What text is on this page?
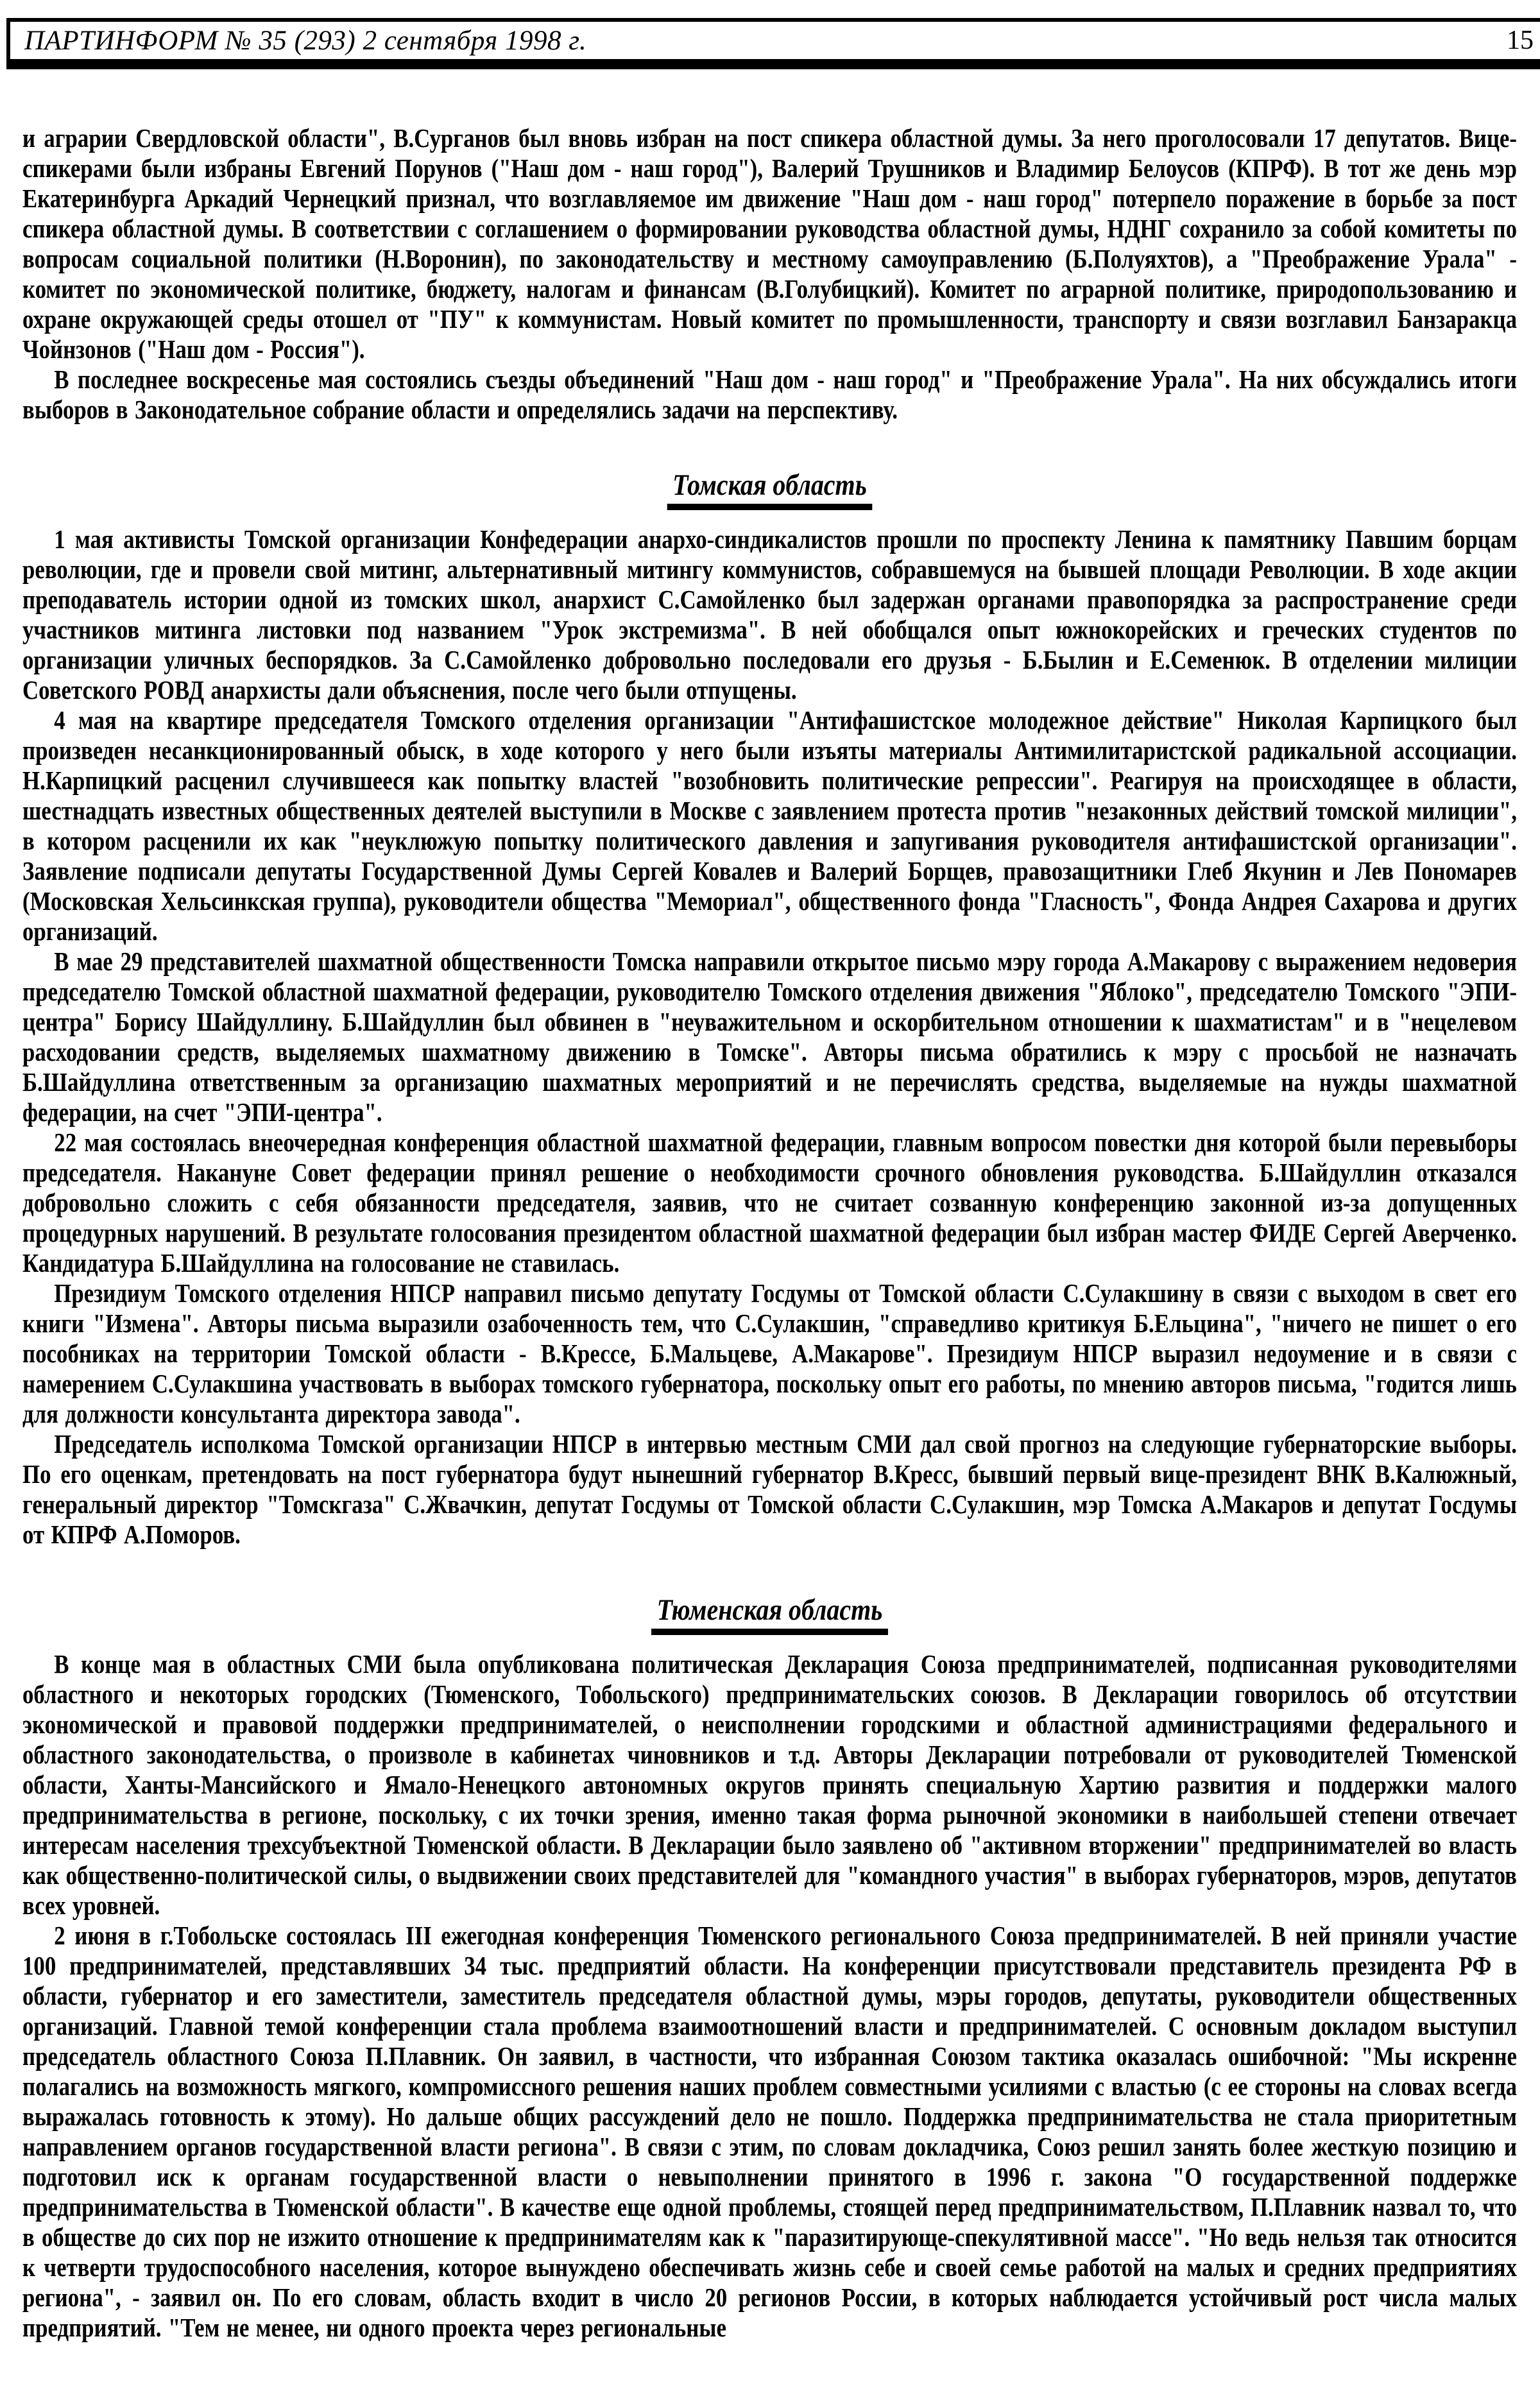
ПАРТИНФОРМ № 35 (293) 2 сентября 1998 г.	15

и аграрии Свердловской области", В.Сурганов был вновь избран на пост спикера областной думы. За него проголосовали 17 депутатов. Вице-спикерами были избраны Евгений Порунов ("Наш дом - наш город"), Валерий Трушников и Владимир Белоусов (КПРФ). В тот же день мэр Екатеринбурга Аркадий Чернецкий признал, что возглавляемое им движение "Наш дом - наш город" потерпело поражение в борьбе за пост спикера областной думы. В соответствии с соглашением о формировании руководства областной думы, НДНГ сохранило за собой комитеты по вопросам социальной политики (Н.Воронин), по законодательству и местному самоуправлению (Б.Полуяхтов), а "Преображение Урала" - комитет по экономической политике, бюджету, налогам и финансам (В.Голубицкий). Комитет по аграрной политике, природопользованию и охране окружающей среды отошел от "ПУ" к коммунистам. Новый комитет по промышленности, транспорту и связи возглавил Банзаракца Чойнзонов ("Наш дом - Россия").

В последнее воскресенье мая состоялись съезды объединений "Наш дом - наш город" и "Преображение Урала". На них обсуждались итоги выборов в Законодательное собрание области и определялись задачи на перспективу.

Томская область

1 мая активисты Томской организации Конфедерации анархо-синдикалистов прошли по проспекту Ленина к памятнику Павшим борцам революции, где и провели свой митинг, альтернативный митингу коммунистов, собравшемуся на бывшей площади Революции. В ходе акции преподаватель истории одной из томских школ, анархист С.Самойленко был задержан органами правопорядка за распространение среди участников митинга листовки под названием "Урок экстремизма". В ней обобщался опыт южнокорейских и греческих студентов по организации уличных беспорядков. За С.Самойленко добровольно последовали его друзья - Б.Былин и Е.Семенюк. В отделении милиции Советского РОВД анархисты дали объяснения, после чего были отпущены.

4 мая на квартире председателя Томского отделения организации "Антифашистское молодежное действие" Николая Карпицкого был произведен несанкционированный обыск, в ходе которого у него были изъяты материалы Антимилитаристской радикальной ассоциации. Н.Карпицкий расценил случившееся как попытку властей "возобновить политические репрессии". Реагируя на происходящее в области, шестнадцать известных общественных деятелей выступили в Москве с заявлением протеста против "незаконных действий томской милиции", в котором расценили их как "неуклюжую попытку политического давления и запугивания руководителя антифашистской организации". Заявление подписали депутаты Государственной Думы Сергей Ковалев и Валерий Борщев, правозащитники Глеб Якунин и Лев Пономарев (Московская Хельсинкская группа), руководители общества "Мемориал", общественного фонда "Гласность", Фонда Андрея Сахарова и других организаций.

В мае 29 представителей шахматной общественности Томска направили открытое письмо мэру города А.Макарову с выражением недоверия председателю Томской областной шахматной федерации, руководителю Томского отделения движения "Яблоко", председателю Томского "ЭПИ-центра" Борису Шайдуллину. Б.Шайдуллин был обвинен в "неуважительном и оскорбительном отношении к шахматистам" и в "нецелевом расходовании средств, выделяемых шахматному движению в Томске". Авторы письма обратились к мэру с просьбой не назначать Б.Шайдуллина ответственным за организацию шахматных мероприятий и не перечислять средства, выделяемые на нужды шахматной федерации, на счет "ЭПИ-центра".

22 мая состоялась внеочередная конференция областной шахматной федерации, главным вопросом повестки дня которой были перевыборы председателя. Накануне Совет федерации принял решение о необходимости срочного обновления руководства. Б.Шайдуллин отказался добровольно сложить с себя обязанности председателя, заявив, что не считает созванную конференцию законной из-за допущенных процедурных нарушений. В результате голосования президентом областной шахматной федерации был избран мастер ФИДЕ Сергей Аверченко. Кандидатура Б.Шайдуллина на голосование не ставилась.

Президиум Томского отделения НПСР направил письмо депутату Госдумы от Томской области С.Сулакшину в связи с выходом в свет его книги "Измена". Авторы письма выразили озабоченность тем, что С.Сулакшин, "справедливо критикуя Б.Ельцина", "ничего не пишет о его пособниках на территории Томской области - В.Крессе, Б.Мальцеве, А.Макарове". Президиум НПСР выразил недоумение и в связи с намерением С.Сулакшина участвовать в выборах томского губернатора, поскольку опыт его работы, по мнению авторов письма, "годится лишь для должности консультанта директора завода".

Председатель исполкома Томской организации НПСР в интервью местным СМИ дал свой прогноз на следующие губернаторские выборы. По его оценкам, претендовать на пост губернатора будут нынешний губернатор В.Кресс, бывший первый вице-президент ВНК В.Калюжный, генеральный директор "Томскгаза" С.Жвачкин, депутат Госдумы от Томской области С.Сулакшин, мэр Томска А.Макаров и депутат Госдумы от КПРФ А.Поморов.

Тюменская область

В конце мая в областных СМИ была опубликована политическая Декларация Союза предпринимателей, подписанная руководителями областного и некоторых городских (Тюменского, Тобольского) предпринимательских союзов. В Декларации говорилось об отсутствии экономической и правовой поддержки предпринимателей, о неисполнении городскими и областной администрациями федерального и областного законодательства, о произволе в кабинетах чиновников и т.д. Авторы Декларации потребовали от руководителей Тюменской области, Ханты-Мансийского и Ямало-Ненецкого автономных округов принять специальную Хартию развития и поддержки малого предпринимательства в регионе, поскольку, с их точки зрения, именно такая форма рыночной экономики в наибольшей степени отвечает интересам населения трехсубъектной Тюменской области. В Декларации было заявлено об "активном вторжении" предпринимателей во власть как общественно-политической силы, о выдвижении своих представителей для "командного участия" в выборах губернаторов, мэров, депутатов всех уровней.

2 июня в г.Тобольске состоялась III ежегодная конференция Тюменского регионального Союза предпринимателей. В ней приняли участие 100 предпринимателей, представлявших 34 тыс. предприятий области. На конференции присутствовали представитель президента РФ в области, губернатор и его заместители, заместитель председателя областной думы, мэры городов, депутаты, руководители общественных организаций. Главной темой конференции стала проблема взаимоотношений власти и предпринимателей. С основным докладом выступил председатель областного Союза П.Плавник. Он заявил, в частности, что избранная Союзом тактика оказалась ошибочной: "Мы искренне полагались на возможность мягкого, компромиссного решения наших проблем совместными усилиями с властью (с ее стороны на словах всегда выражалась готовность к этому). Но дальше общих рассуждений дело не пошло. Поддержка предпринимательства не стала приоритетным направлением органов государственной власти региона". В связи с этим, по словам докладчика, Союз решил занять более жесткую позицию и подготовил иск к органам государственной власти о невыполнении принятого в 1996 г. закона "О государственной поддержке предпринимательства в Тюменской области". В качестве еще одной проблемы, стоящей перед предпринимательством, П.Плавник назвал то, что в обществе до сих пор не изжито отношение к предпринимателям как к "паразитирующе-спекулятивной массе". "Но ведь нельзя так относится к четверти трудоспособного населения, которое вынуждено обеспечивать жизнь себе и своей семье работой на малых и средних предприятиях региона", - заявил он. По его словам, область входит в число 20 регионов России, в которых наблюдается устойчивый рост числа малых предприятий. "Тем не менее, ни одного проекта через региональные
